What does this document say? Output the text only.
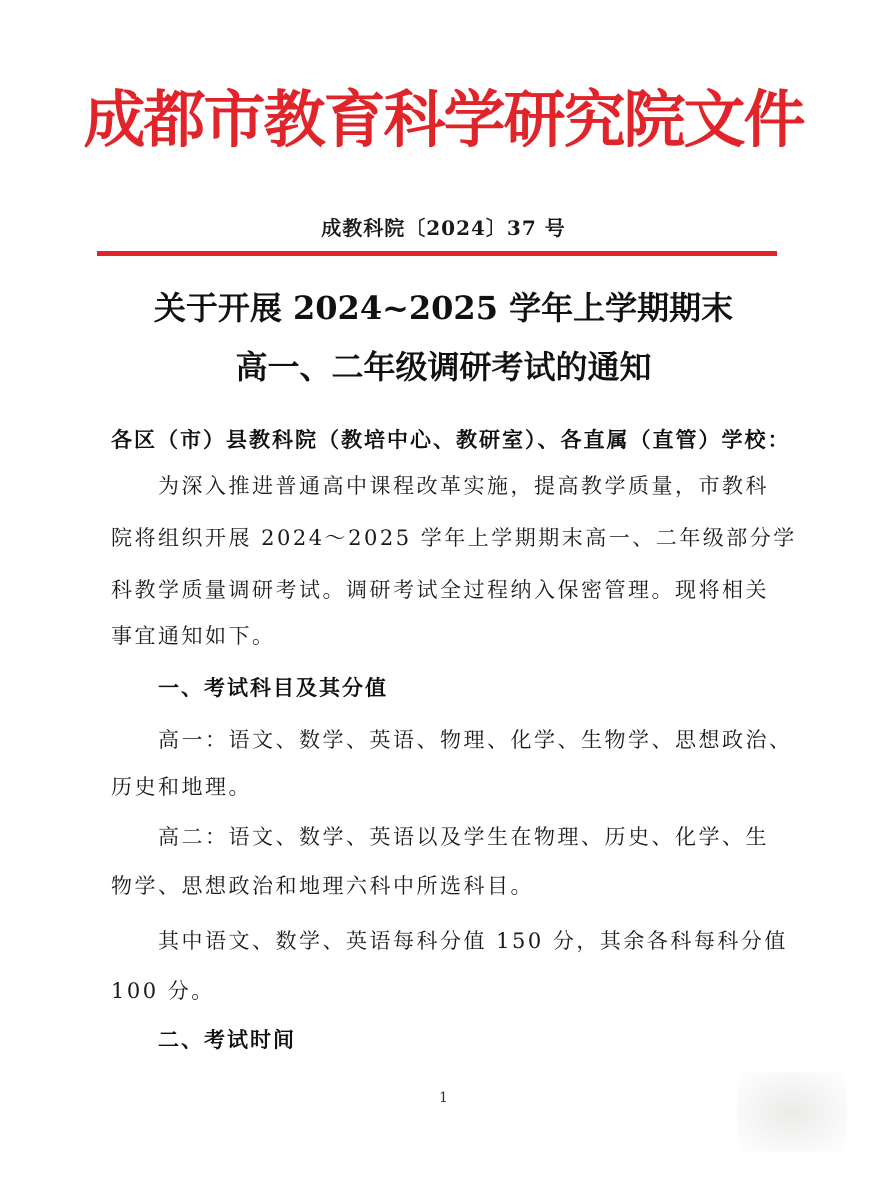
成都市教育科学研究院文件
成教科院〔2024〕37 号
关于开展 2024~2025 学年上学期期末
高一、二年级调研考试的通知
各区（市）县教科院（教培中心、教研室）、各直属（直管）学校：
为深入推进普通高中课程改革实施，提高教学质量，市教科
院将组织开展 2024～2025 学年上学期期末高一、二年级部分学
科教学质量调研考试。调研考试全过程纳入保密管理。现将相关
事宜通知如下。
一、考试科目及其分值
高一：语文、数学、英语、物理、化学、生物学、思想政治、
历史和地理。
高二：语文、数学、英语以及学生在物理、历史、化学、生
物学、思想政治和地理六科中所选科目。
其中语文、数学、英语每科分值 150 分，其余各科每科分值
100 分。
二、考试时间
1
